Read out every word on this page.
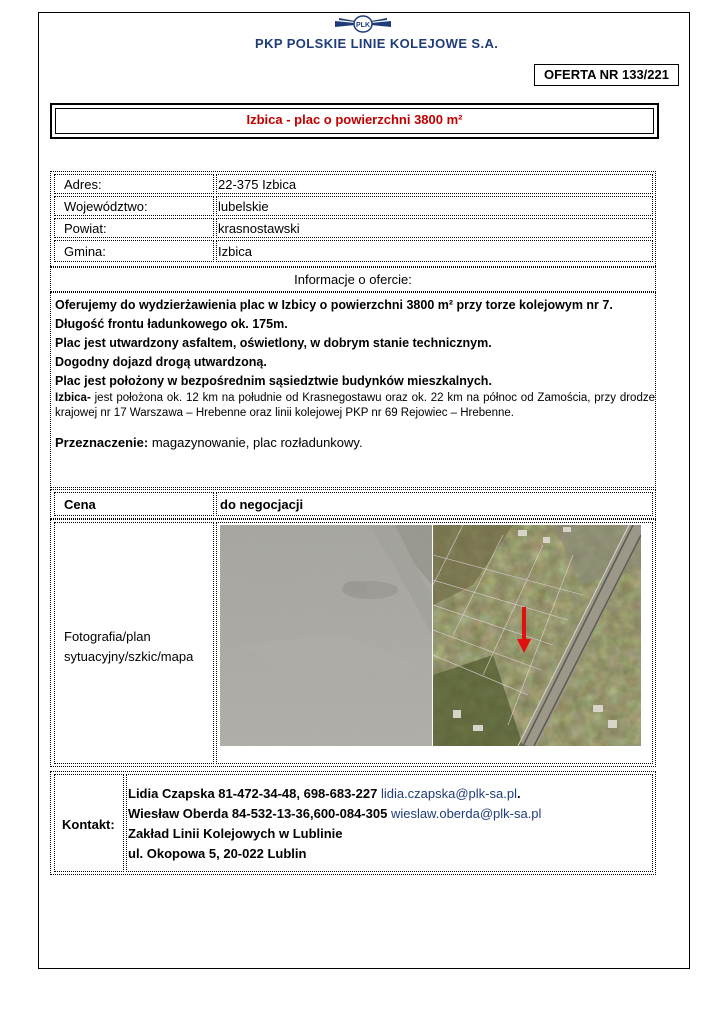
PLK
PKP POLSKIE LINIE KOLEJOWE S.A.
OFERTA NR 133/221
Izbica - plac o powierzchni 3800 m²
Adres:	22-375 Izbica
Województwo:	lubelskie
Powiat:	krasnostawski
Gmina:	Izbica
Informacje o ofercie:

Oferujemy do wydzierżawienia plac w Izbicy o powierzchni 3800 m² przy torze kolejowym nr 7. Długość frontu ładunkowego ok. 175m.

Plac jest utwardzony asfaltem, oświetlony, w dobrym stanie technicznym.

Dogodny dojazd drogą utwardzoną.

Plac jest położony w bezpośrednim sąsiedztwie budynków mieszkalnych.

Izbica- jest położona ok. 12 km na południe od Krasnegostawu oraz ok. 22 km na północ od Zamościa, przy drodze krajowej nr 17 Warszawa – Hrebenne oraz linii kolejowej PKP nr 69 Rejowiec – Hrebenne.

Przeznaczenie: magazynowanie, plac rozładunkowy.

Cena	do negocjacji
Fotografia/plan sytuacyjny/szkic/mapa
Kontakt:
Lidia Czapska 81-472-34-48, 698-683-227 lidia.czapska@plk-sa.pl.
Wiesław Oberda 84-532-13-36,600-084-305 wieslaw.oberda@plk-sa.pl
Zakład Linii Kolejowych w Lublinie
ul. Okopowa 5, 20-022 Lublin
